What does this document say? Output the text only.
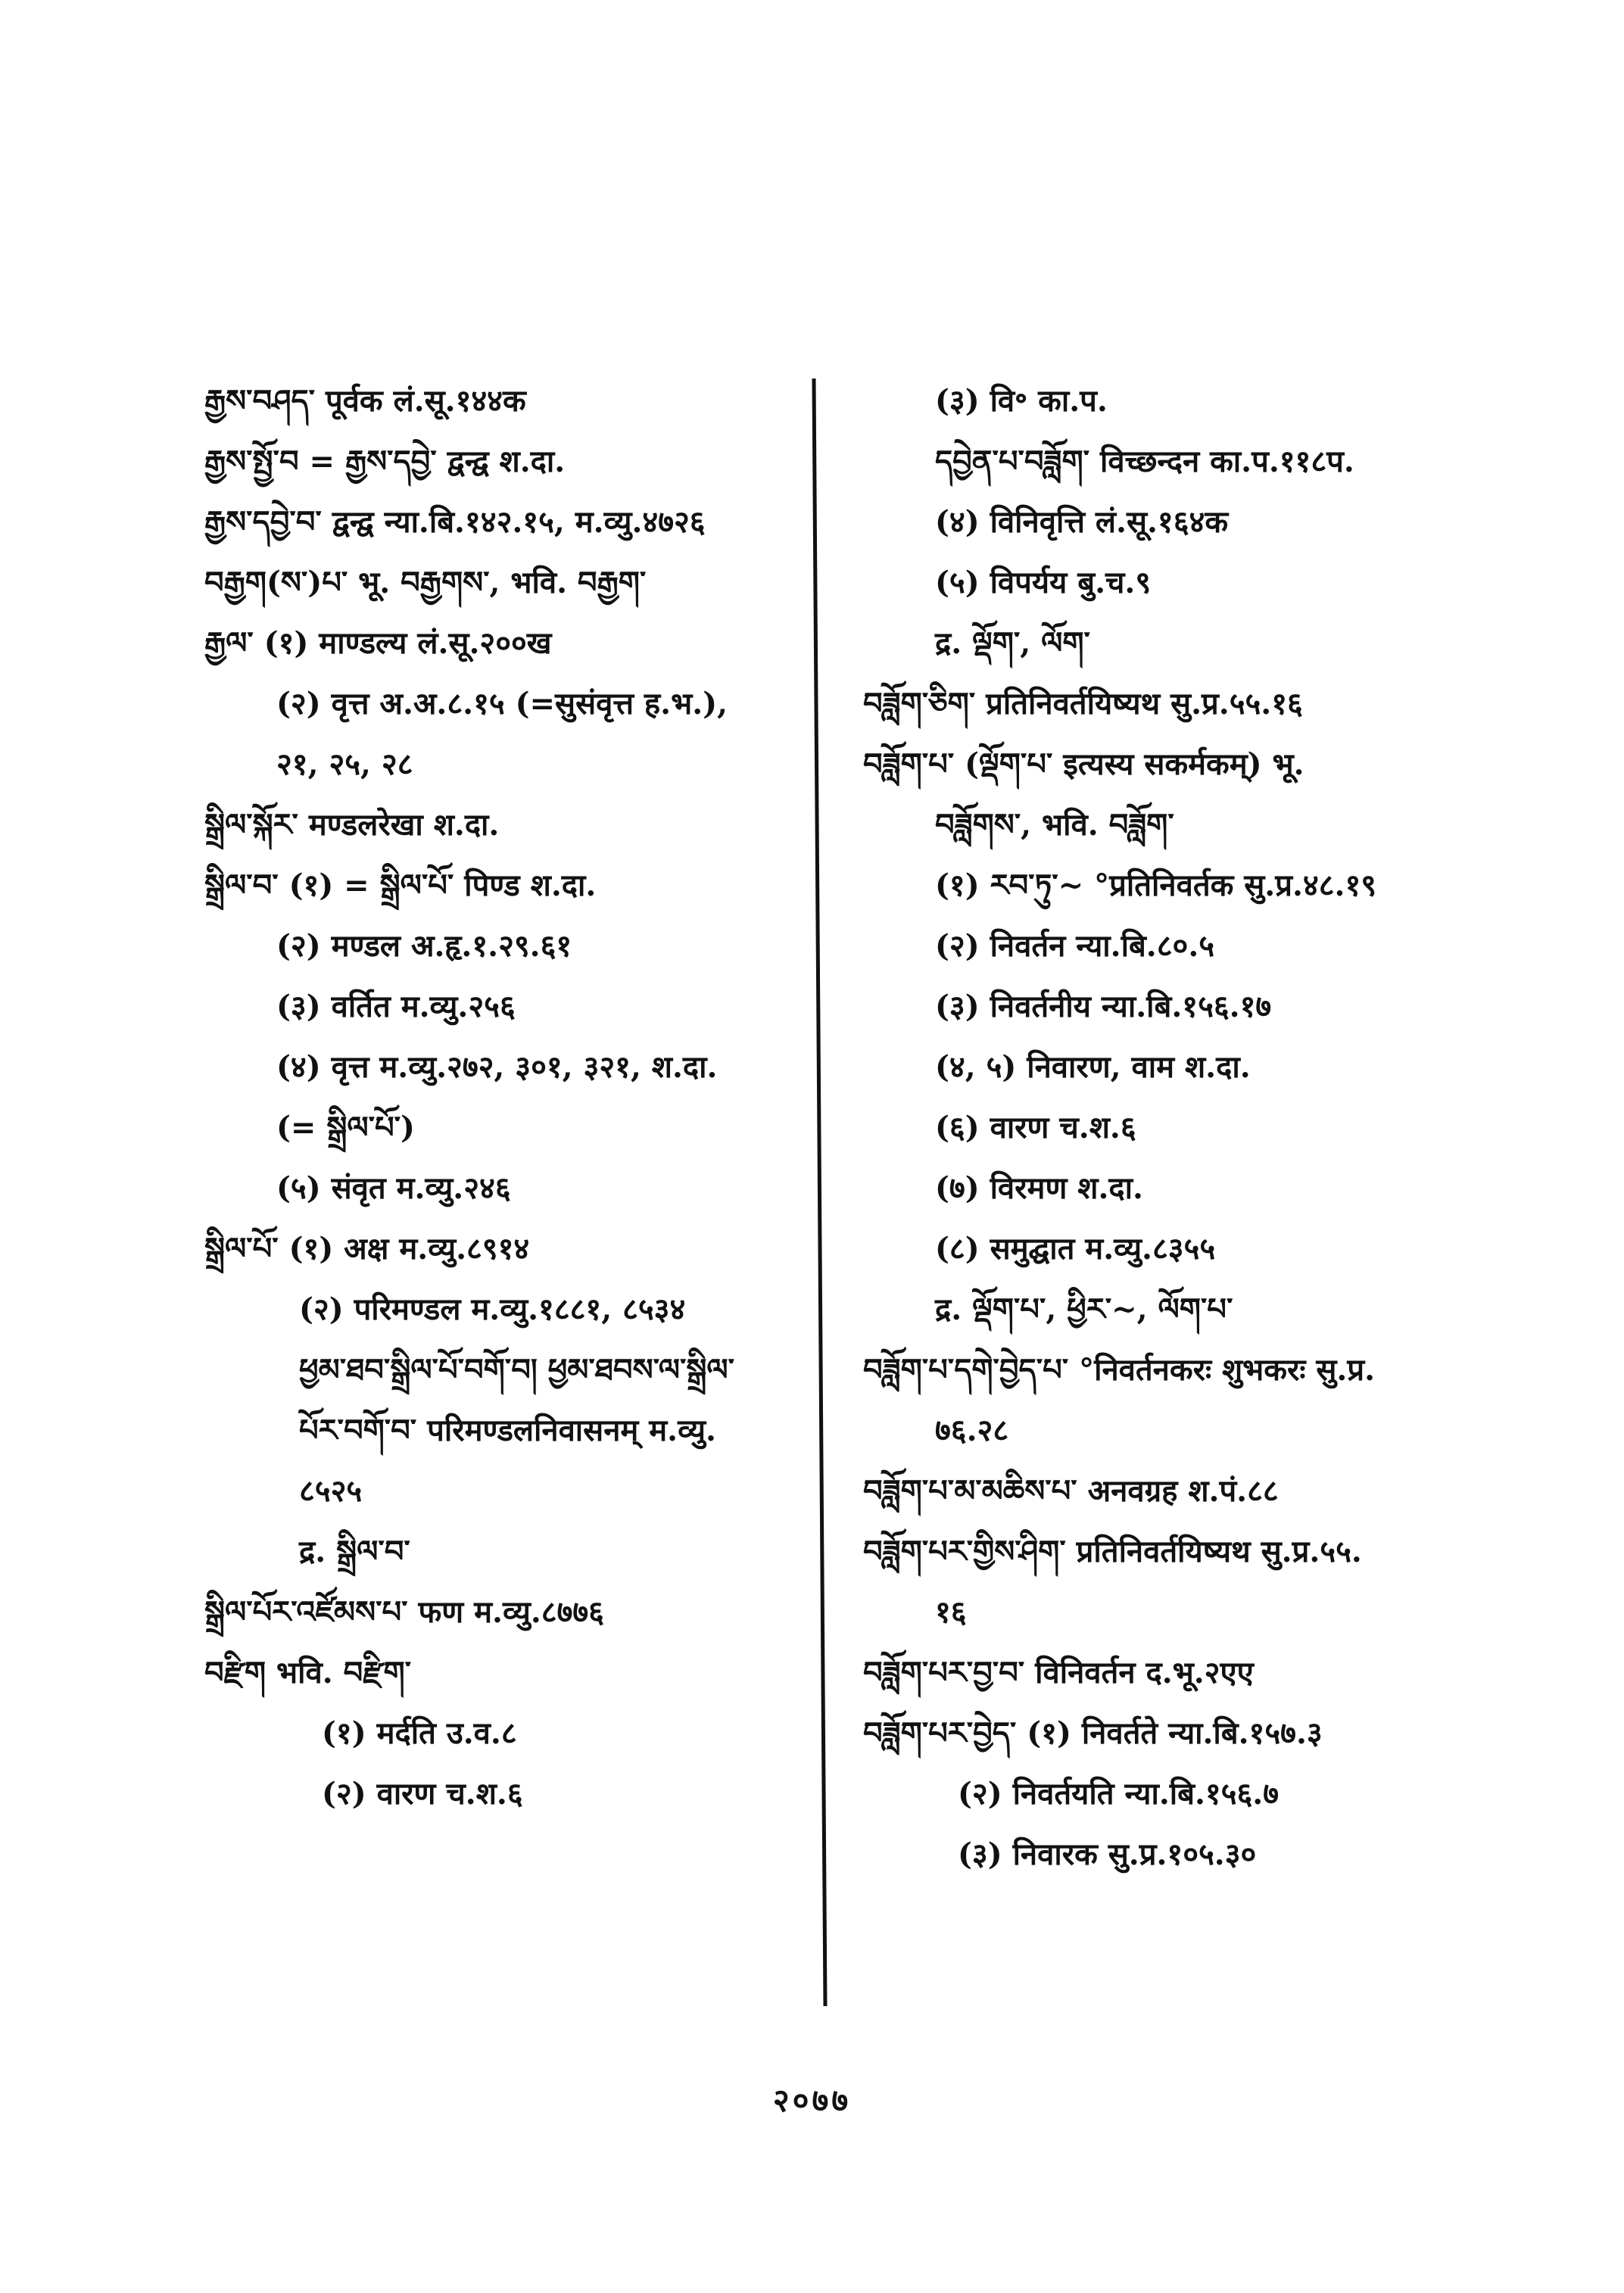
རྒྱས་བཤད་ पूर्वक लं.सू.१४४क
རྒྱས་སྤྱོ་བ = རྒྱས་དབྱེ་ द्वन्द्व श.दा.
རྒྱས་དབྱེ་བ་ द्वन्द्व न्या.बि.१४२.१५, म.व्यु.४७२६
བརྒྱག(ས་)པ་ भू. བརྒྱགས་, भवि. བརྒྱག་
རྒྱལ་ (१) माण्डल्य लं.सू.२००ख
(२) वृत्त अ.अ.८.१५ (=सुसंवृत्त ह.भ.),
२१, २५, २८
སྒྲིལ་སྐོར་ मण्डलरेखा श.दा.
སྒྲིལ་བ་ (१) = སྒྲིལ་པོ་ पिण्ड श.दा.
(२) मण्डल अ.हृ.१.२९.६१
(३) वर्तित म.व्यु.२५६
(४) वृत्त म.व्यु.२७२, ३०१, ३२१, श.दा.
(= སྒྲིལ་པོ་)
(५) संवृत म.व्यु.२४६
སྒྲིལ་པོ་ (१) अक्ष म.व्यु.८९१४
(२) परिमण्डल म.व्यु.१८८१, ८५३४
ཕྱམ་ཐབ་སྒྲིལ་པོ་བགོ་བ། ཕྱམ་ཐབས་ལ་སྒྲིལ་
པོར་བགོ་བ་ परिमण्डलनिवासनम् म.व्यु.
८५२५
द्र. སྒྲིལ་བ་
སྒྲིལ་པོར་འཛོམས་པ་ फण म.व्यु.८७७६
བརྫིག भवि. བརྫིག་
(१) मर्दति उ.व.८
(२) वारण च.श.६
(३) वि॰ का.प.
དབྱེན་པ་བཟློག་ विच्छन्दन का.प.११८प.
(४) विनिवृत्ति लं.सू.१६४क
(५) विपर्यय बु.च.९
द्र. ལྡོག་, ལོག་
བཟློག་ཅིག་ प्रतिनिवर्तयिष्यथ सु.प्र.५५.१६
བཟློག་པ་ (ལྡོག་པ་ इत्यस्य सकर्मकम्) भू.
བཟློགས་, भवि. བཟློག་
(१) རབ་ཏུ་~ °प्रतिनिवर्तक सु.प्र.४८.१९
(२) निवर्तन न्या.बि.८०.५
(३) निवर्तनीय न्या.बि.१५६.१७
(४, ५) निवारण, वाम श.दा.
(६) वारण च.श.६
(७) विरमण श.दा.
(८) समुद्घात म.व्यु.८३५५
द्र. ལྡོག་པ་, ཕྱིར་~, ལོག་པ་
བཟློག་པ་དགེ་བྱེད་པ་ °निवर्तनकरः शुभकरः सु.प्र.
७६.२८
བཟློག་པ་མ་མཆིས་པ་ अनवग्रह श.पं.८८
བཟློག་པར་གྱིས་ཤིག་ प्रतिनिवर्तयिष्यथ सु.प्र.५५.
१६
བཟློག་པར་བྱ་བ་ विनिवर्तन द.भू.२एए
བཟློག་པར་བྱེད་ (१) निवर्तते न्या.बि.१५७.३
(२) निवर्तयति न्या.बि.१५६.७
(३) निवारक सु.प्र.१०५.३०
२०७७
